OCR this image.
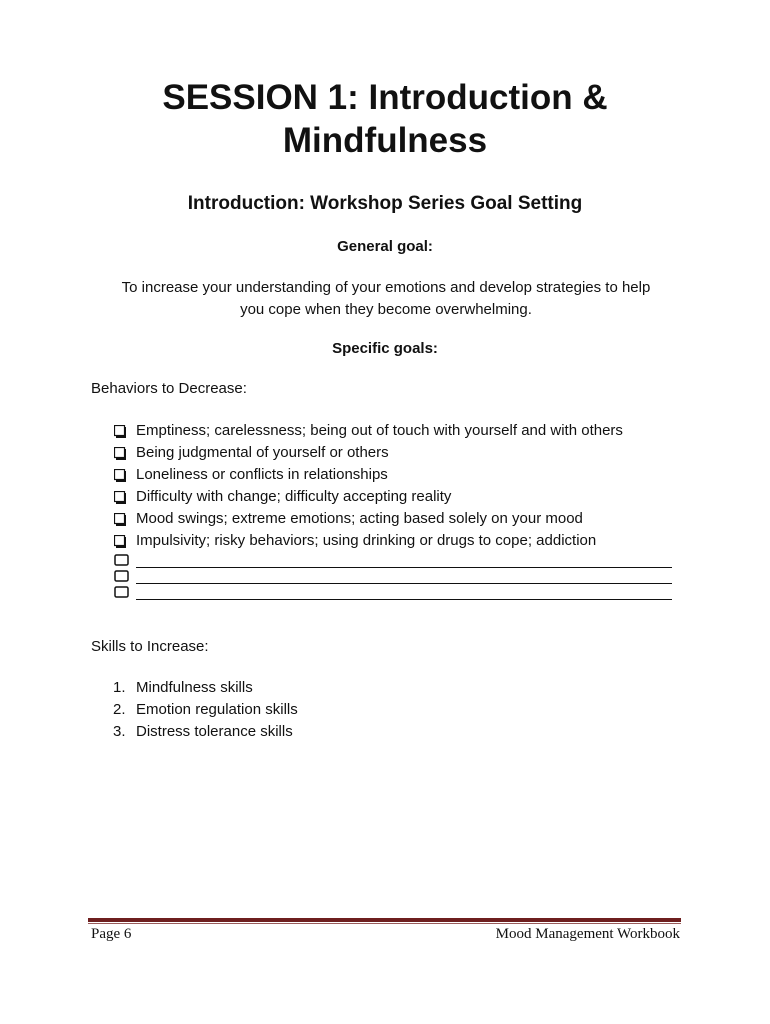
SESSION 1: Introduction &
Mindfulness
Introduction: Workshop Series Goal Setting

General goal:

To increase your understanding of your emotions and develop strategies to help
you cope when they become overwhelming.

Specific goals:

Behaviors to Decrease:

Emptiness; carelessness; being out of touch with yourself and with others
Being judgmental of yourself or others
Loneliness or conflicts in relationships
Difficulty with change; difficulty accepting reality
Mood swings; extreme emotions; acting based solely on your mood
Impulsivity; risky behaviors; using drinking or drugs to cope; addiction

Skills to Increase:

1. Mindfulness skills
2. Emotion regulation skills
3. Distress tolerance skills

Page 6	Mood Management Workbook
